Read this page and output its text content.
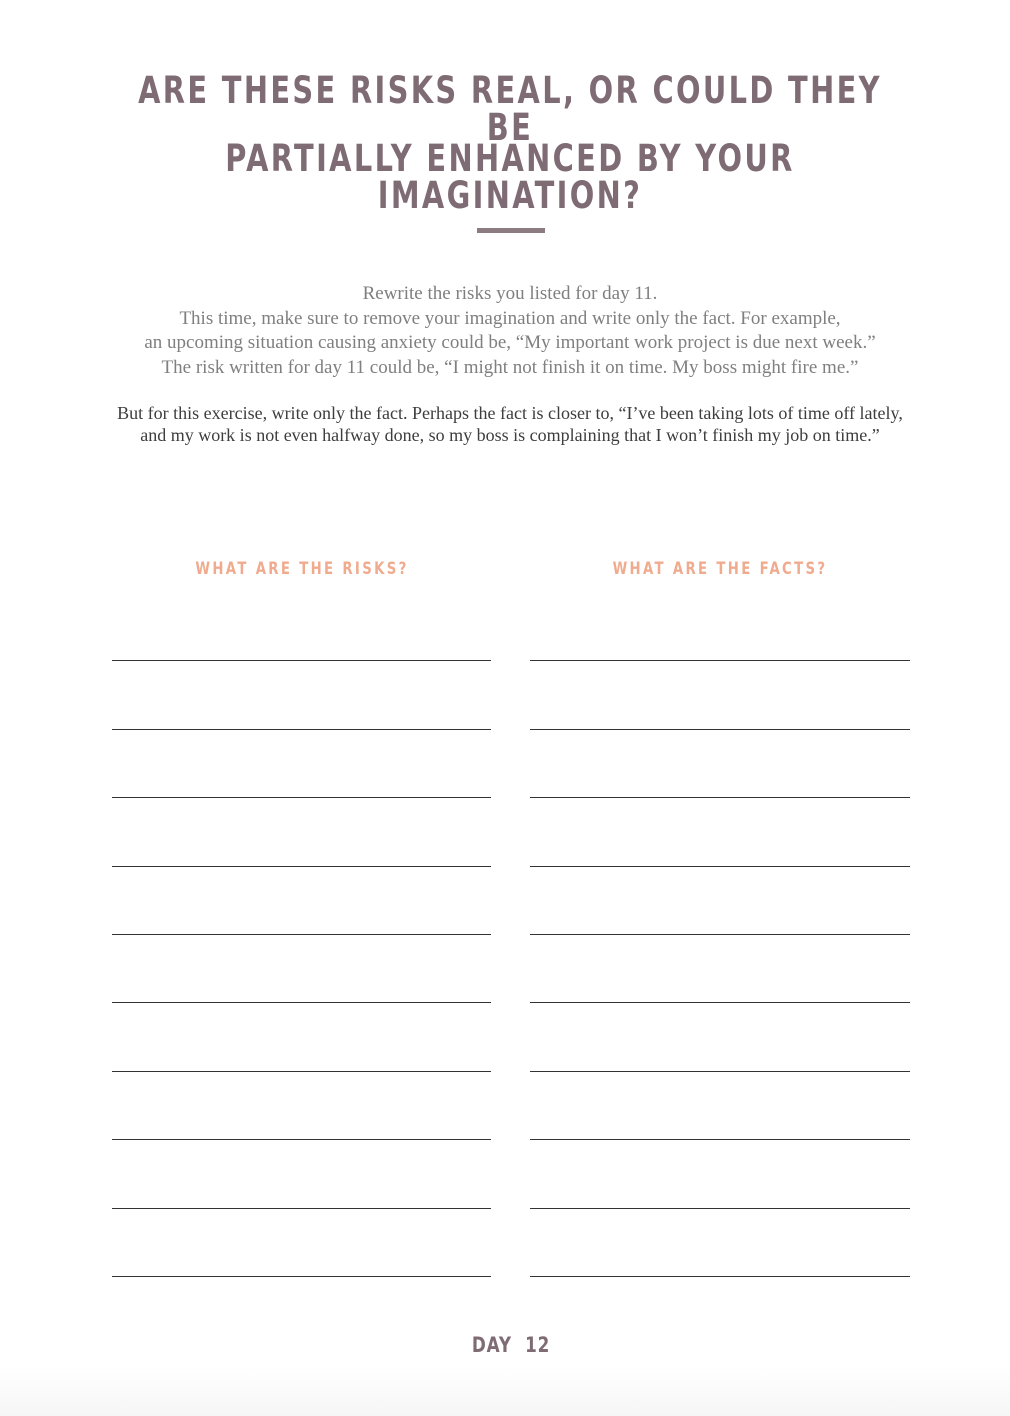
ARE THESE RISKS REAL, OR COULD THEY BE
PARTIALLY ENHANCED BY YOUR IMAGINATION?
Rewrite the risks you listed for day 11.
This time, make sure to remove your imagination and write only the fact. For example,
an upcoming situation causing anxiety could be, “My important work project is due next week.”
The risk written for day 11 could be, “I might not finish it on time. My boss might fire me.”
But for this exercise, write only the fact. Perhaps the fact is closer to, “I’ve been taking lots of time off lately,
and my work is not even halfway done, so my boss is complaining that I won’t finish my job on time.”
WHAT ARE THE RISKS?	WHAT ARE THE FACTS?
DAY  12
